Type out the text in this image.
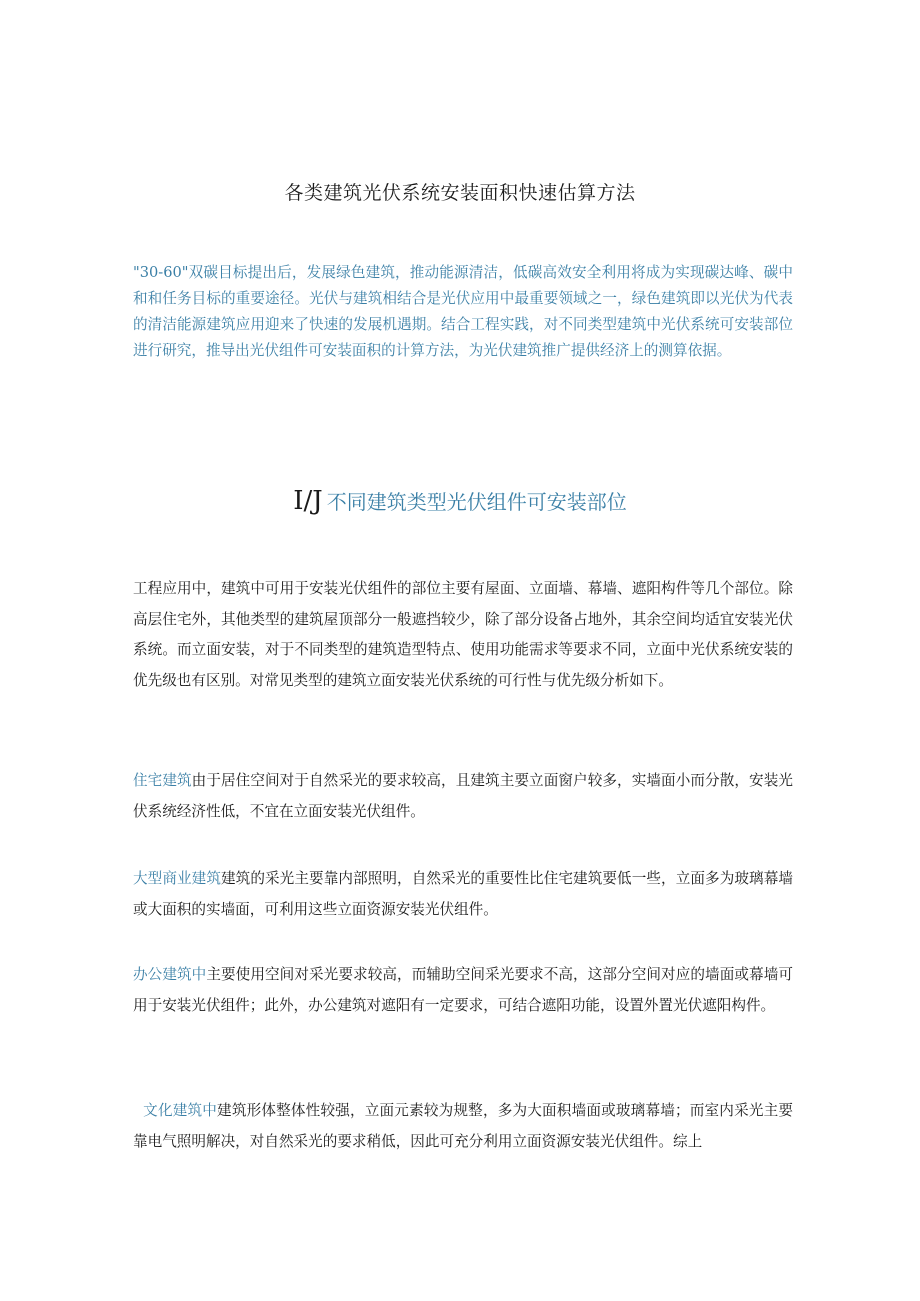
各类建筑光伏系统安装面积快速估算方法
"30-60"双碳目标提出后，发展绿色建筑，推动能源清洁，低碳高效安全利用将成为实现碳达峰、碳中和和任务目标的重要途径。光伏与建筑相结合是光伏应用中最重要领域之一，绿色建筑即以光伏为代表的清洁能源建筑应用迎来了快速的发展机遇期。结合工程实践，对不同类型建筑中光伏系统可安装部位进行研究，推导出光伏组件可安装面积的计算方法，为光伏建筑推广提供经济上的测算依据。
I/J 不同建筑类型光伏组件可安装部位
工程应用中，建筑中可用于安装光伏组件的部位主要有屋面、立面墙、幕墙、遮阳构件等几个部位。除高层住宅外，其他类型的建筑屋顶部分一般遮挡较少，除了部分设备占地外，其余空间均适宜安装光伏系统。而立面安装，对于不同类型的建筑造型特点、使用功能需求等要求不同，立面中光伏系统安装的优先级也有区别。对常见类型的建筑立面安装光伏系统的可行性与优先级分析如下。
住宅建筑由于居住空间对于自然采光的要求较高，且建筑主要立面窗户较多，实墙面小而分散，安装光伏系统经济性低，不宜在立面安装光伏组件。
大型商业建筑建筑的采光主要靠内部照明，自然采光的重要性比住宅建筑要低一些，立面多为玻璃幕墙或大面积的实墙面，可利用这些立面资源安装光伏组件。
办公建筑中主要使用空间对采光要求较高，而辅助空间采光要求不高，这部分空间对应的墙面或幕墙可用于安装光伏组件；此外，办公建筑对遮阳有一定要求，可结合遮阳功能，设置外置光伏遮阳构件。
文化建筑中建筑形体整体性较强，立面元素较为规整，多为大面积墙面或玻璃幕墙；而室内采光主要靠电气照明解决，对自然采光的要求稍低，因此可充分利用立面资源安装光伏组件。综上
